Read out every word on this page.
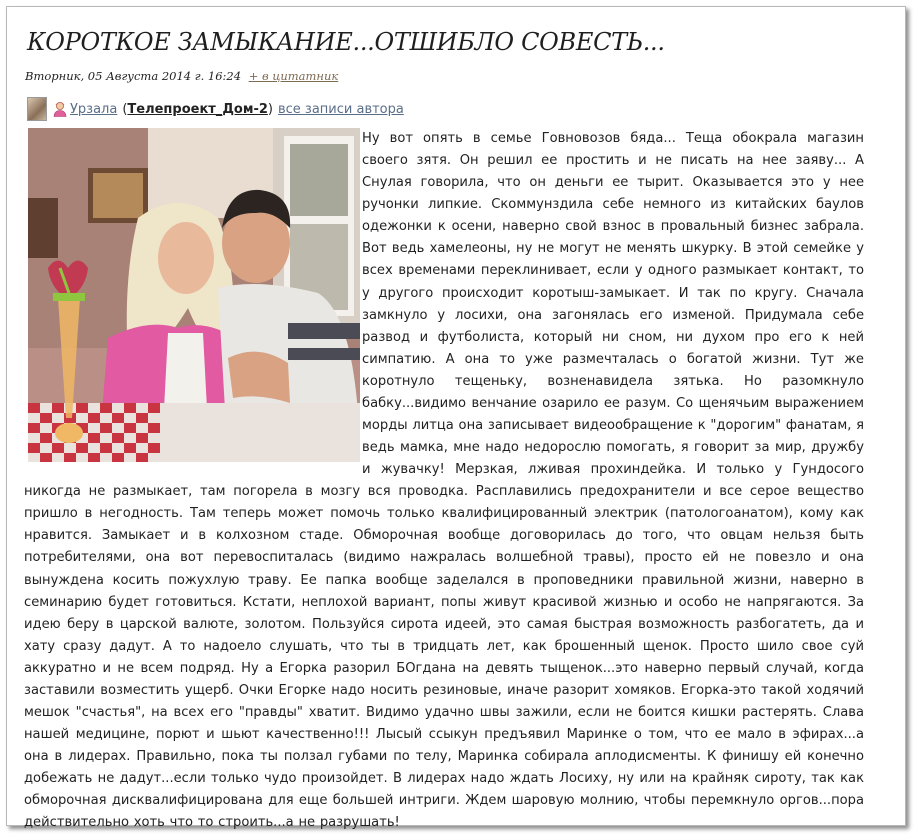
КОРОТКОЕ ЗАМЫКАНИЕ...ОТШИБЛО СОВЕСТЬ...
Вторник, 05 Августа 2014 г. 16:24 + в цитатник
Урзала ( Телепроект_Дом-2 ) все записи автора

Ну вот опять в семье Говновозов бяда... Теща обокрала магазин своего зятя. Он решил ее простить и не писать на нее заяву... А Снулая говорила, что он деньги ее тырит. Оказывается это у нее ручонки липкие. Скоммунздила себе немного из китайских баулов одежонки к осени, наверно свой взнос в провальный бизнес забрала. Вот ведь хамелеоны, ну не могут не менять шкурку. В этой семейке у всех временами переклинивает, если у одного размыкает контакт, то у другого происходит коротыш-замыкает. И так по кругу. Сначала замкнуло у лосихи, она загонялась его изменой. Придумала себе развод и футболиста, который ни сном, ни духом про его к ней симпатию. А она то уже размечталась о богатой жизни. Тут же коротнуло тещеньку, возненавидела зятька. Но разомкнуло бабку...видимо венчание озарило ее разум. Со щенячьим выражением морды литца она записывает видеообращение к "дорогим" фанатам, я ведь мамка, мне надо недорослю помогать, я говорит за мир, дружбу и жувачку! Мерзкая, лживая прохиндейка. И только у Гундосого никогда не размыкает, там погорела в мозгу вся проводка. Расплавились предохранители и все серое вещество пришло в негодность. Там теперь может помочь только квалифицированный электрик (патологоанатом), кому как нравится. Замыкает и в колхозном стаде. Обморочная вообще договорилась до того, что овцам нельзя быть потребителями, она вот перевоспиталась (видимо нажралась волшебной травы), просто ей не повезло и она вынуждена косить пожухлую траву. Ее папка вообще заделался в проповедники правильной жизни, наверно в семинарию будет готовиться. Кстати, неплохой вариант, попы живут красивой жизнью и особо не напрягаются. За идею беру в царской валюте, золотом. Пользуйся сирота идеей, это самая быстрая возможность разбогатеть, да и хату сразу дадут. А то надоело слушать, что ты в тридцать лет, как брошенный щенок. Просто шило свое суй аккуратно и не всем подряд. Ну а Егорка разорил БОгдана на девять тыщенок...это наверно первый случай, когда заставили возместить ущерб. Очки Егорке надо носить резиновые, иначе разорит хомяков. Егорка-это такой ходячий мешок "счастья", на всех его "правды" хватит. Видимо удачно швы зажили, если не боится кишки растерять. Слава нашей медицине, порют и шьют качественно!!! Лысый ссыкун предъявил Маринке о том, что ее мало в эфирах...а она в лидерах. Правильно, пока ты ползал губами по телу, Маринка собирала аплодисменты. К финишу ей конечно добежать не дадут...если только чудо произойдет. В лидерах надо ждать Лосиху, ну или на крайняк сироту, так как обморочная дисквалифицирована для еще большей интриги. Ждем шаровую молнию, чтобы перемкнуло оргов...пора действительно хоть что то строить...а не разрушать!
